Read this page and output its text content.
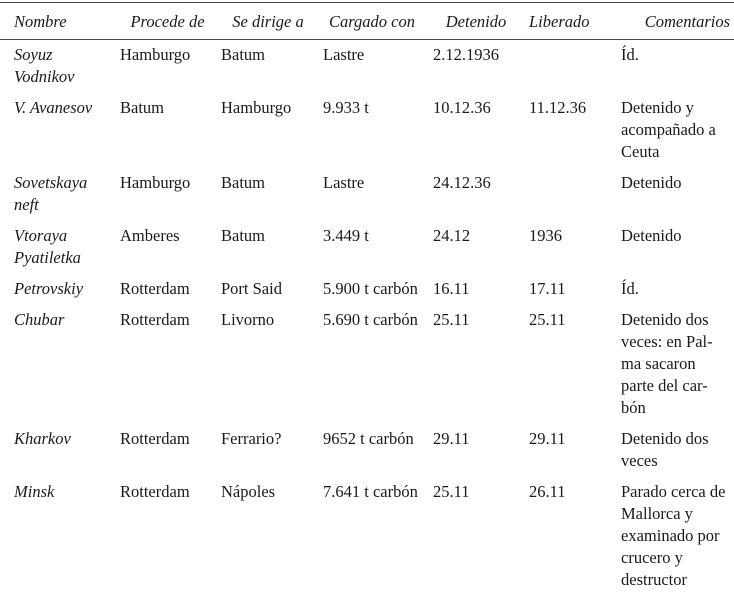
Nombre	Procede de	Se dirige a	Cargado con	Detenido	Liberado	Comentarios
Soyuz Vodnikov	Hamburgo	Batum	Lastre	2.12.1936		Íd.
V. Avanesov	Batum	Hamburgo	9.933 t	10.12.36	11.12.36	Detenido y acompañado a Ceuta
Sovetskaya neft	Hamburgo	Batum	Lastre	24.12.36		Detenido
Vtoraya Pyatiletka	Amberes	Batum	3.449 t	24.12	1936	Detenido
Petrovskiy	Rotterdam	Port Said	5.900 t carbón	16.11	17.11	Íd.
Chubar	Rotterdam	Livorno	5.690 t carbón	25.11	25.11	Detenido dos veces: en Pal-ma sacaron parte del car-bón
Kharkov	Rotterdam	Ferrario?	9652 t carbón	29.11	29.11	Detenido dos veces
Minsk	Rotterdam	Nápoles	7.641 t carbón	25.11	26.11	Parado cerca de Mallorca y examinado por crucero y destructor
